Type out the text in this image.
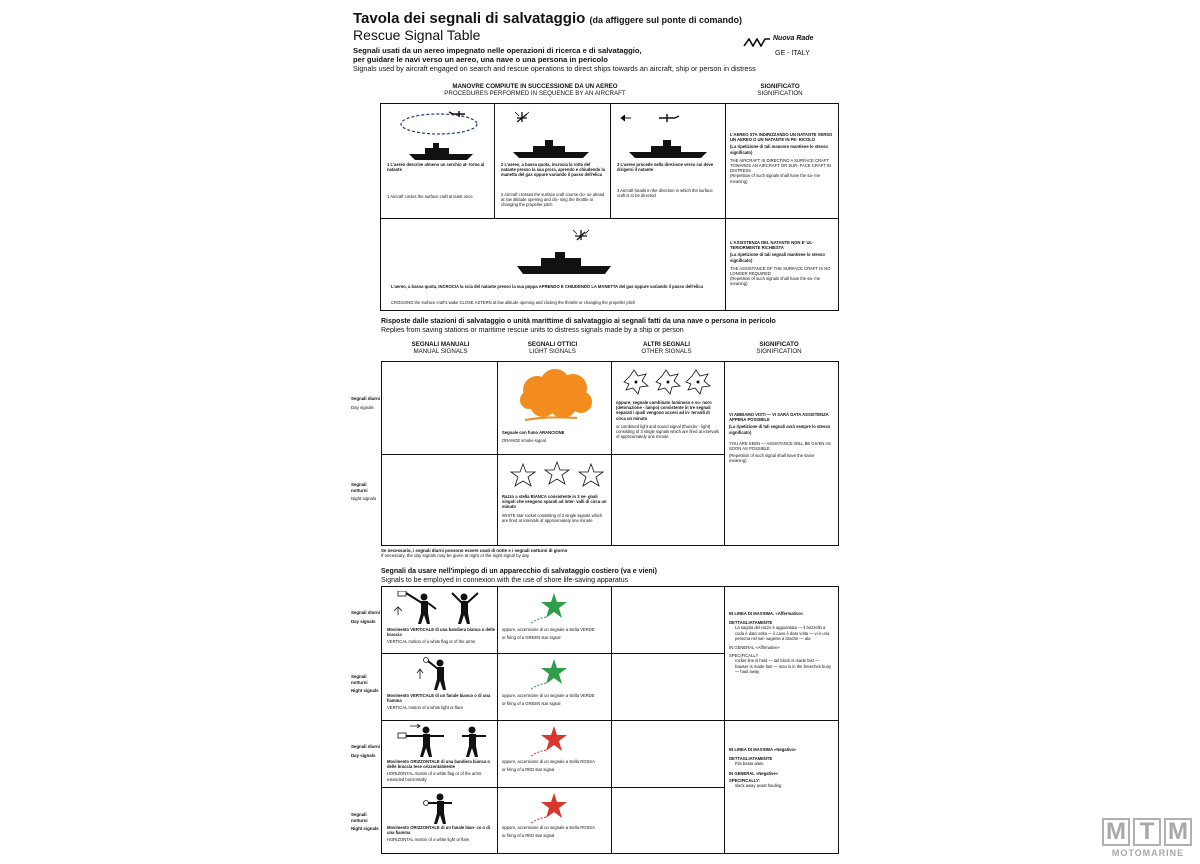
Tavola dei segnali di salvataggio (da affiggere sul ponte di comando)
Rescue Signal Table	Nuova Rade
GE - ITALY
Segnali usati da un aereo impegnato nelle operazioni di ricerca e di salvataggio,
per guidare le navi verso un aereo, una nave o una persona in pericolo
Signals used by aircraft engaged on search and rescue operations to direct ships towards an aircraft, ship or person in distress
MANOVRE COMPIUTE IN SUCCESSIONE DA UN AEREO
PROCEDURES PERFORMED IN SEQUENCE BY AN AIRCRAFT
SIGNIFICATO
SIGNIFICATION
1 L'aereo descrive almeno un cerchio at- torno al natante
1 Aircraft circles the surface craft at least once
2 L'aereo, a bassa quota, incrocia la rotta del natante presso la sua prora, aprendo e chiudendo la manetta del gas oppure variando il passo dell'elica
2 Aircraft crosses the surface craft course clo- se ahead at low altitude opening and clo- sing the throttle or changing the propeller pitch
3 L'aereo procede nella direzione verso cui deve dirigersi il natante
3 Aircraft heads in the direction in which the surface craft is to be directed
L'AEREO STA INDIRIZZANDO UN NATANTE VERSO UN AEREO O UN NATANTE IN PE- RICOLO
(La ripetizione di tali manovre mantiene lo stesso significato)
THE AIRCRAFT IS DIRECTING A SURFACE CRAFT TOWARDS AN AIRCRAFT OR SUR- FACE CRAFT IN DISTRESS
(Repetition of such signals shall have the sa- me meaning)
L'aereo, a bassa quota, INCROCIA la scia del natante presso la sua poppa APRENDO E CHIUDENDO LA MANETTA del gas oppure variando il passo dell'elica
CROSSING the surface craft's wake CLOSE ASTERN at low altitude opening and closing the throttle or changing the propeller pitch
L'ASSISTENZA DEL NATANTE NON E' UL- TERIORMENTE RICHIESTA
(La ripetizione di tali segnali mantiene lo stesso significato)
THE ASSISTANCE OF THE SURFACE CRAFT IS NO LONGER REQUIRED
(Repetition of such signals shall have the sa- me meaning)
Risposte dalle stazioni di salvataggio o unità marittime di salvataggio ai segnali fatti da una nave o persona in pericolo
Replies from saving stations or maritime rescue units to distress signals made by a ship or person
SEGNALI MANUALI
MANUAL SIGNALS
SEGNALI OTTICI
LIGHT SIGNALS
ALTRI SEGNALI
OTHER SIGNALS
SIGNIFICATO
SIGNIFICATION
Segnali diurni
Day signals
Segnali notturni
Night signals
Segnale con fumo ARANCIONE
ORANGE smoke signal
oppure, segnale combinato luminoso e so- noro (detonazione - lampo) consistente in tre segnali separati i quali vengono accesi ad in- tervalli di circa un minuto
or combined light and sound signal (thunder - light) consisting of 3 single signals which are fired at intervals of approximately one minute
Razzo a stella BIANCA consistente in 3 se- gnali singoli che vengono sparati ad inter- valli di circa un minuto
WHITE star rocket consisting of 3 single signals which are fired at intervals of approximately one minute
VI ABBIAMO VISTI — VI SARÀ DATA ASSISTENZA APPENA POSSIBILE
(La ripetizione di tali segnali avrà sempre lo stesso significato)
YOU ARE SEEN — ASSISTANCE WILL BE GIVEN AS SOON AS POSSIBLE
(Repetition of such signal shall have the same meaning)
Se necessario, i segnali diurni possono essere usati di notte e i segnali notturni di giorno
If necessary, the day signals may be given at night or the night signal by day
Segnali da usare nell'impiego di un apparecchio di salvataggio costiero (va e vieni)
Signals to be employed in connexion with the use of shore life-saving apparatus
Segnali diurni
Day signals
Segnali notturni
Night signals
Segnali diurni
Day signals
Segnali notturni
Night signals
Movimento VERTICALE di una bandiera bianca o delle braccia
VERTICAL motion of a white flag or of the arms
oppure, accensione di un segnale a stella VERDE
or firing of a GREEN star signal
Movimento VERTICALE di un fanale bianco o di una fiamma
VERTICAL motion of a white light or flare
oppure, accensione di un segnale a stella VERDE
or firing of a GREEN star signal
Movimento ORIZZONTALE di una bandiera bianca o delle braccia tese orizzontalmente
HORIZONTAL motion of a white flag or of the arms extended horizontally
oppure, accensione di un segnale a stella ROSSA
or firing of a RED star signal
Movimento ORIZZONTALE di un fanale bian- co o di una fiamma
HORIZONTAL motion of a white light or flare
oppure, accensione di un segnale a stella ROSSA
or firing of a RED star signal
IN LINEA DI MASSIMA. «Affermativo»
DETTAGLIATAMENTE
La sagola del razzo è agguantata — il bozzello a coda è dato volta — il cavo è dato volta — vi è una persona nel sal- vagente a brache — ala
IN GENERAL «Affirmative»
SPECIFICALLY
rocket line is held — tail block is made fast — hawser is made fast — man is in the breeches buoy — haul away
IN LINEA DI MASSIMA «Negativo»
DETTAGLIATAMENTE
Fila basta alare
IN GENERAL «Negative»
SPECIFICALLY:
slack away avast hauling
M T M
MOTOMARINE
